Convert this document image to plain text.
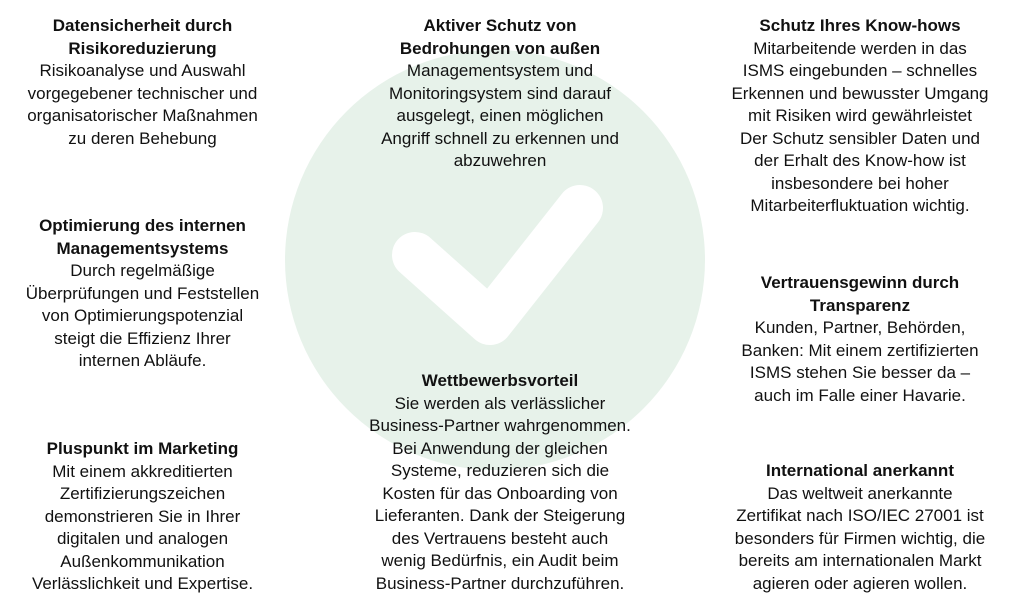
Datensicherheit durch
Risikoreduzierung
Risikoanalyse und Auswahl
vorgegebener technischer und
organisatorischer Maßnahmen
zu deren Behebung
Aktiver Schutz von
Bedrohungen von außen
Managementsystem und
Monitoringsystem sind darauf
ausgelegt, einen möglichen
Angriff schnell zu erkennen und
abzuwehren
Schutz Ihres Know-hows
Mitarbeitende werden in das
ISMS eingebunden – schnelles
Erkennen und bewusster Umgang
mit Risiken wird gewährleistet
Der Schutz sensibler Daten und
der Erhalt des Know-how ist
insbesondere bei hoher
Mitarbeiterfluktuation wichtig.
Optimierung des internen
Managementsystems
Durch regelmäßige
Überprüfungen und Feststellen
von Optimierungspotenzial
steigt die Effizienz Ihrer
internen Abläufe.
Vertrauensgewinn durch
Transparenz
Kunden, Partner, Behörden,
Banken: Mit einem zertifizierten
ISMS stehen Sie besser da –
auch im Falle einer Havarie.
Wettbewerbsvorteil
Sie werden als verlässlicher
Business-Partner wahrgenommen.
Bei Anwendung der gleichen
Systeme, reduzieren sich die
Kosten für das Onboarding von
Lieferanten. Dank der Steigerung
des Vertrauens besteht auch
wenig Bedürfnis, ein Audit beim
Business-Partner durchzuführen.
Pluspunkt im Marketing
Mit einem akkreditierten
Zertifizierungszeichen
demonstrieren Sie in Ihrer
digitalen und analogen
Außenkommunikation
Verlässlichkeit und Expertise.
International anerkannt
Das weltweit anerkannte
Zertifikat nach ISO/IEC 27001 ist
besonders für Firmen wichtig, die
bereits am internationalen Markt
agieren oder agieren wollen.
